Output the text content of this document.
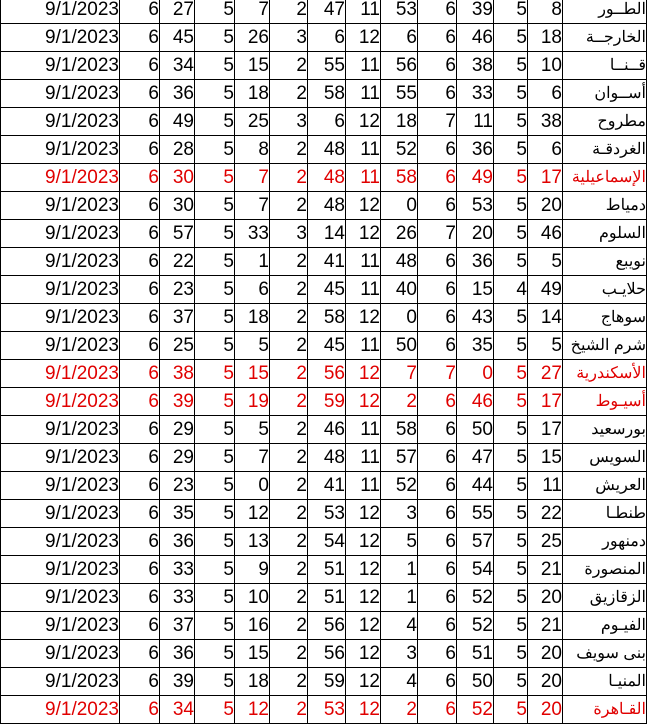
9/1/2023	6	27	5	7	2	47	11	53	6	39	5	8	الطــور
9/1/2023	6	45	5	26	3	6	12	6	6	46	5	18	الخارجــة
9/1/2023	6	34	5	15	2	55	11	56	6	38	5	10	قــنــا
9/1/2023	6	36	5	18	2	58	11	55	6	33	5	6	أســوان
9/1/2023	6	49	5	25	3	6	12	18	7	11	5	38	مطروح
9/1/2023	6	28	5	8	2	48	11	52	6	36	5	6	الغردقـة
9/1/2023	6	30	5	7	2	48	11	58	6	49	5	17	الإسماعيلية
9/1/2023	6	30	5	7	2	48	12	0	6	53	5	20	دمياط
9/1/2023	6	57	5	33	3	14	12	26	7	20	5	46	السلوم
9/1/2023	6	22	5	1	2	41	11	48	6	36	5	5	نويبع
9/1/2023	6	23	5	6	2	45	11	40	6	15	4	49	حلايـب
9/1/2023	6	37	5	18	2	58	12	0	6	43	5	14	سوهاج
9/1/2023	6	25	5	5	2	45	11	50	6	35	5	5	شرم الشيخ
9/1/2023	6	38	5	15	2	56	12	7	7	0	5	27	الأسكندرية
9/1/2023	6	39	5	19	2	59	12	2	6	46	5	17	أسيـوط
9/1/2023	6	29	5	5	2	46	11	58	6	50	5	17	بورسعيد
9/1/2023	6	29	5	7	2	48	11	57	6	47	5	15	السويس
9/1/2023	6	23	5	0	2	41	11	52	6	44	5	11	العريش
9/1/2023	6	35	5	12	2	53	12	3	6	55	5	22	طنطـا
9/1/2023	6	36	5	13	2	54	12	5	6	57	5	25	دمنهور
9/1/2023	6	33	5	9	2	51	12	1	6	54	5	21	المنصورة
9/1/2023	6	33	5	10	2	51	12	1	6	52	5	20	الزقازيق
9/1/2023	6	37	5	16	2	56	12	4	6	52	5	21	الفيـوم
9/1/2023	6	36	5	15	2	56	12	3	6	51	5	20	بنى سويف
9/1/2023	6	39	5	18	2	59	12	4	6	50	5	20	المنيـا
9/1/2023	6	34	5	12	2	53	12	2	6	52	5	20	القـاهرة
